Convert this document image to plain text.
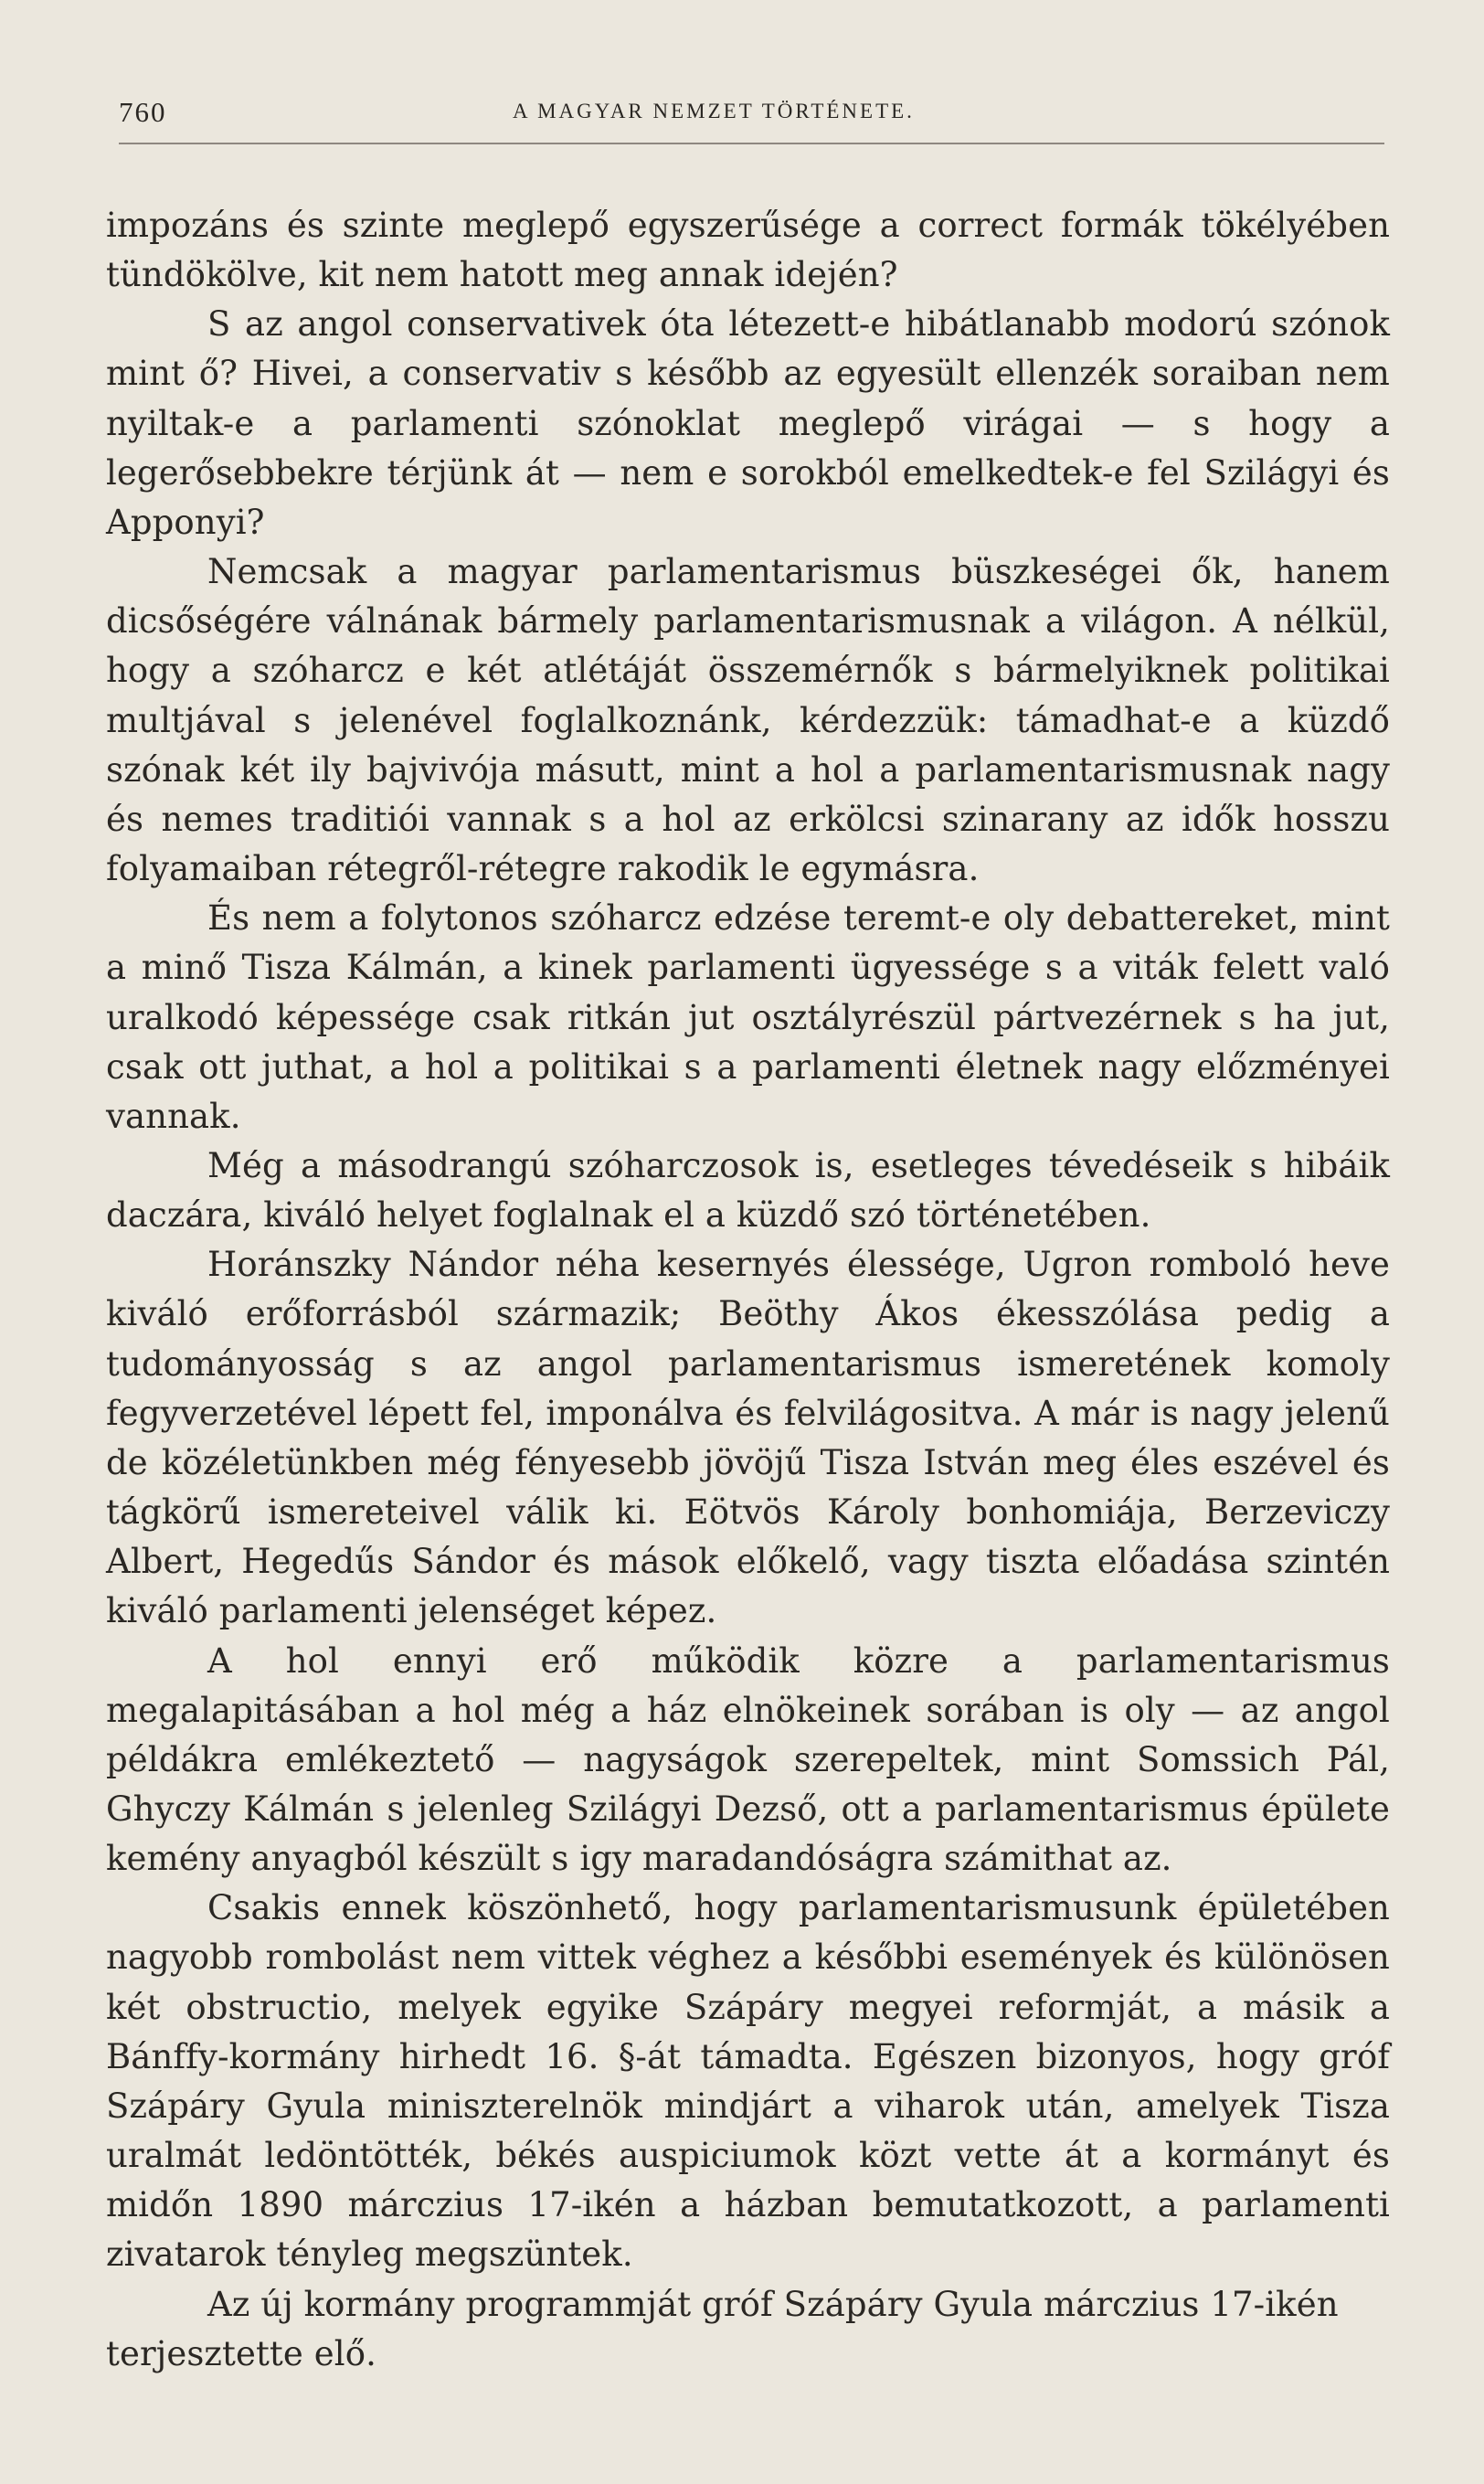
760	A MAGYAR NEMZET TÖRTÉNETE.

impozáns és szinte meglepő egyszerűsége a correct formák tökélyében tündökölve, kit nem hatott meg annak idején?

S az angol conservativek óta létezett-e hibátlanabb modorú szónok mint ő? Hivei, a conservativ s később az egyesült ellenzék soraiban nem nyiltak-e a parlamenti szónoklat meglepő virágai — s hogy a legerősebbekre térjünk át — nem e sorokból emelkedtek-e fel Szilágyi és Apponyi?

Nemcsak a magyar parlamentarismus büszkeségei ők, hanem dicsőségére válnának bármely parlamentarismusnak a világon. A nélkül, hogy a szóharcz e két atlétáját összemérnők s bármelyiknek politikai multjával s jelenével foglalkoznánk, kérdezzük: támadhat-e a küzdő szónak két ily bajvivója másutt, mint a hol a parlamentarismusnak nagy és nemes traditiói vannak s a hol az erkölcsi szinarany az idők hosszu folyamaiban rétegről-rétegre rakodik le egymásra.

És nem a folytonos szóharcz edzése teremt-e oly debattereket, mint a minő Tisza Kálmán, a kinek parlamenti ügyessége s a viták felett való uralkodó képessége csak ritkán jut osztályrészül pártvezérnek s ha jut, csak ott juthat, a hol a politikai s a parlamenti életnek nagy előzményei vannak.

Még a másodrangú szóharczosok is, esetleges tévedéseik s hibáik daczára, kiváló helyet foglalnak el a küzdő szó történetében.

Horánszky Nándor néha kesernyés élessége, Ugron romboló heve kiváló erőforrásból származik; Beöthy Ákos ékesszólása pedig a tudományosság s az angol parlamentarismus ismeretének komoly fegyverzetével lépett fel, imponálva és felvilágositva. A már is nagy jelenű de közéletünkben még fényesebb jövöjű Tisza István meg éles eszével és tágkörű ismereteivel válik ki. Eötvös Károly bonhomiája, Berzeviczy Albert, Hegedűs Sándor és mások előkelő, vagy tiszta előadása szintén kiváló parlamenti jelenséget képez.

A hol ennyi erő működik közre a parlamentarismus megalapitásában a hol még a ház elnökeinek sorában is oly — az angol példákra emlékeztető — nagyságok szerepeltek, mint Somssich Pál, Ghyczy Kálmán s jelenleg Szilágyi Dezső, ott a parlamentarismus épülete kemény anyagból készült s igy maradandóságra számithat az.

Csakis ennek köszönhető, hogy parlamentarismusunk épületében nagyobb rombolást nem vittek véghez a későbbi események és különösen két obstructio, melyek egyike Szápáry megyei reformját, a másik a Bánffy-kormány hirhedt 16. §-át támadta. Egészen bizonyos, hogy gróf Szápáry Gyula miniszterelnök mindjárt a viharok után, amelyek Tisza uralmát ledöntötték, békés auspiciumok közt vette át a kormányt és midőn 1890 márczius 17-ikén a házban bemutatkozott, a parlamenti zivatarok tényleg megszüntek.

Az új kormány programmját gróf Szápáry Gyula márczius 17-ikén terjesztette elő.
